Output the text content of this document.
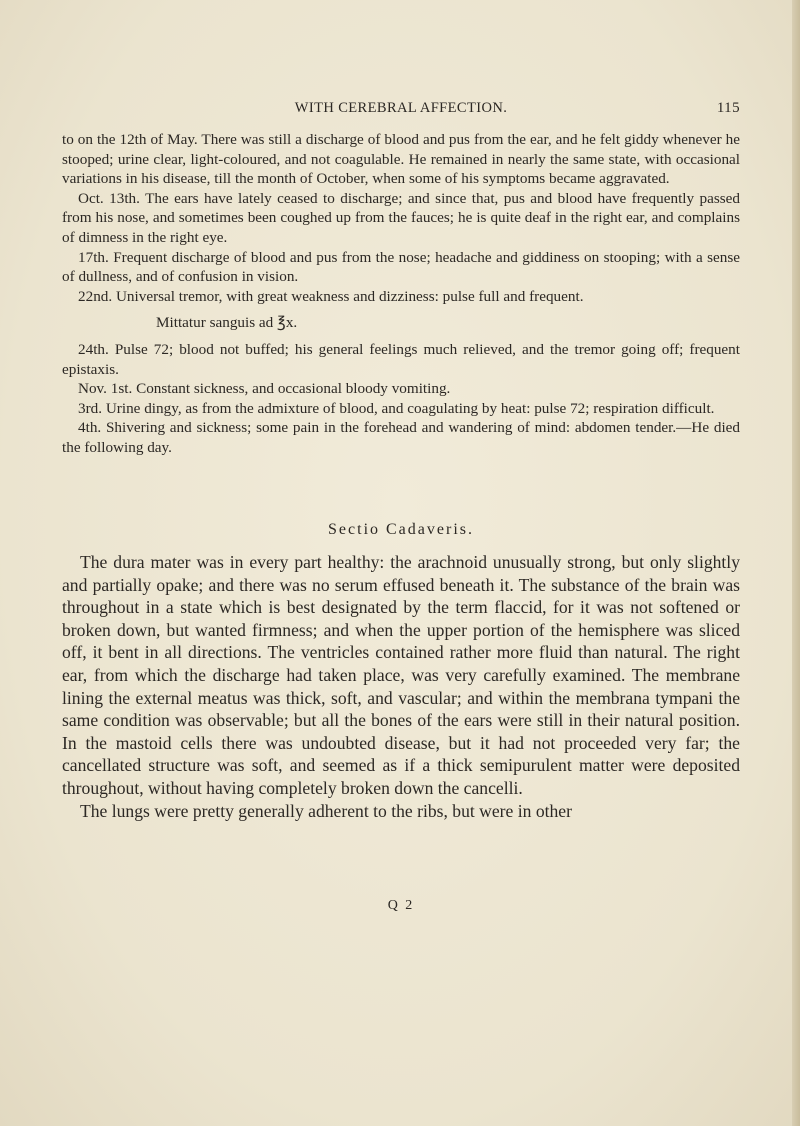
WITH CEREBRAL AFFECTION.	115

to on the 12th of May. There was still a discharge of blood and pus from the ear, and he felt giddy whenever he stooped; urine clear, light-coloured, and not coagulable. He remained in nearly the same state, with occasional variations in his disease, till the month of October, when some of his symptoms became aggravated.

Oct. 13th. The ears have lately ceased to discharge; and since that, pus and blood have frequently passed from his nose, and sometimes been coughed up from the fauces; he is quite deaf in the right ear, and complains of dimness in the right eye.

17th. Frequent discharge of blood and pus from the nose; headache and giddiness on stooping; with a sense of dullness, and of confusion in vision.

22nd. Universal tremor, with great weakness and dizziness: pulse full and frequent.

Mittatur sanguis ad ℥x.

24th. Pulse 72; blood not buffed; his general feelings much relieved, and the tremor going off; frequent epistaxis.

Nov. 1st. Constant sickness, and occasional bloody vomiting.

3rd. Urine dingy, as from the admixture of blood, and coagulating by heat: pulse 72; respiration difficult.

4th. Shivering and sickness; some pain in the forehead and wandering of mind: abdomen tender.—He died the following day.

Sectio Cadaveris.

The dura mater was in every part healthy: the arachnoid unusually strong, but only slightly and partially opake; and there was no serum effused beneath it. The substance of the brain was throughout in a state which is best designated by the term flaccid, for it was not softened or broken down, but wanted firmness; and when the upper portion of the hemisphere was sliced off, it bent in all directions. The ventricles contained rather more fluid than natural. The right ear, from which the discharge had taken place, was very carefully examined. The membrane lining the external meatus was thick, soft, and vascular; and within the membrana tympani the same condition was observable; but all the bones of the ears were still in their natural position. In the mastoid cells there was undoubted disease, but it had not proceeded very far; the cancellated structure was soft, and seemed as if a thick semipurulent matter were deposited throughout, without having completely broken down the cancelli.

The lungs were pretty generally adherent to the ribs, but were in other

Q 2
